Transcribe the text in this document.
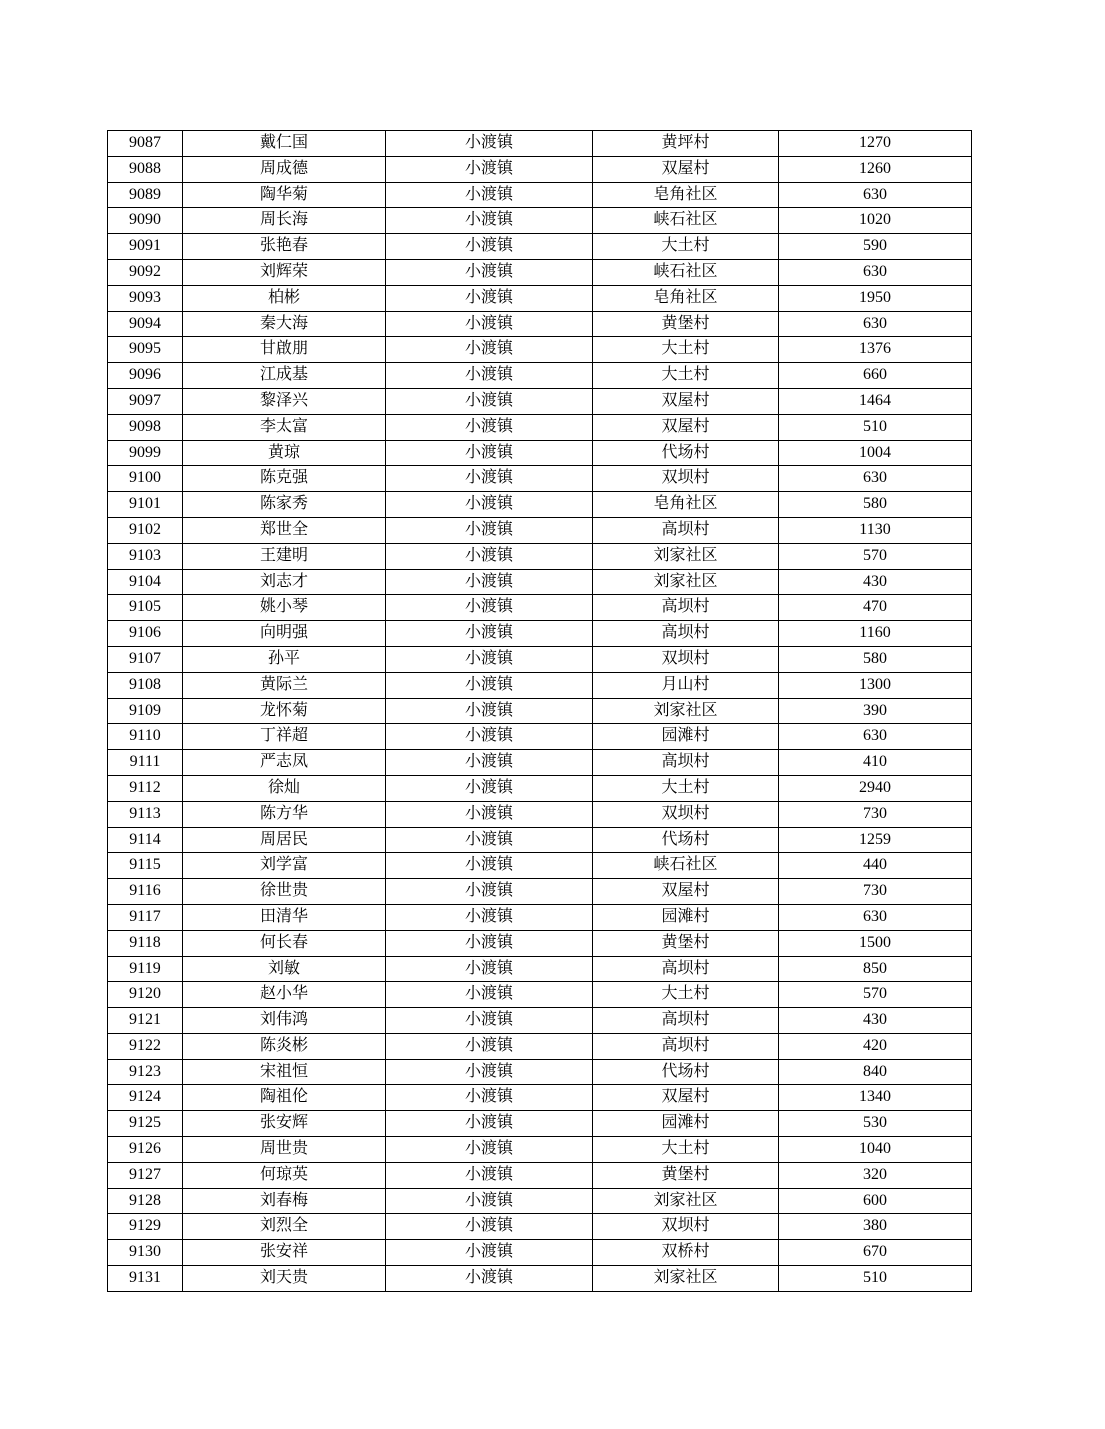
9087	戴仁国	小渡镇	黄坪村	1270
9088	周成德	小渡镇	双屋村	1260
9089	陶华菊	小渡镇	皂角社区	630
9090	周长海	小渡镇	峡石社区	1020
9091	张艳春	小渡镇	大土村	590
9092	刘辉荣	小渡镇	峡石社区	630
9093	柏彬	小渡镇	皂角社区	1950
9094	秦大海	小渡镇	黄堡村	630
9095	甘啟朋	小渡镇	大土村	1376
9096	江成基	小渡镇	大土村	660
9097	黎泽兴	小渡镇	双屋村	1464
9098	李太富	小渡镇	双屋村	510
9099	黄琼	小渡镇	代场村	1004
9100	陈克强	小渡镇	双坝村	630
9101	陈家秀	小渡镇	皂角社区	580
9102	郑世全	小渡镇	高坝村	1130
9103	王建明	小渡镇	刘家社区	570
9104	刘志才	小渡镇	刘家社区	430
9105	姚小琴	小渡镇	高坝村	470
9106	向明强	小渡镇	高坝村	1160
9107	孙平	小渡镇	双坝村	580
9108	黄际兰	小渡镇	月山村	1300
9109	龙怀菊	小渡镇	刘家社区	390
9110	丁祥超	小渡镇	园滩村	630
9111	严志凤	小渡镇	高坝村	410
9112	徐灿	小渡镇	大土村	2940
9113	陈方华	小渡镇	双坝村	730
9114	周居民	小渡镇	代场村	1259
9115	刘学富	小渡镇	峡石社区	440
9116	徐世贵	小渡镇	双屋村	730
9117	田清华	小渡镇	园滩村	630
9118	何长春	小渡镇	黄堡村	1500
9119	刘敏	小渡镇	高坝村	850
9120	赵小华	小渡镇	大土村	570
9121	刘伟鸿	小渡镇	高坝村	430
9122	陈炎彬	小渡镇	高坝村	420
9123	宋祖恒	小渡镇	代场村	840
9124	陶祖伦	小渡镇	双屋村	1340
9125	张安辉	小渡镇	园滩村	530
9126	周世贵	小渡镇	大土村	1040
9127	何琼英	小渡镇	黄堡村	320
9128	刘春梅	小渡镇	刘家社区	600
9129	刘烈全	小渡镇	双坝村	380
9130	张安祥	小渡镇	双桥村	670
9131	刘天贵	小渡镇	刘家社区	510
